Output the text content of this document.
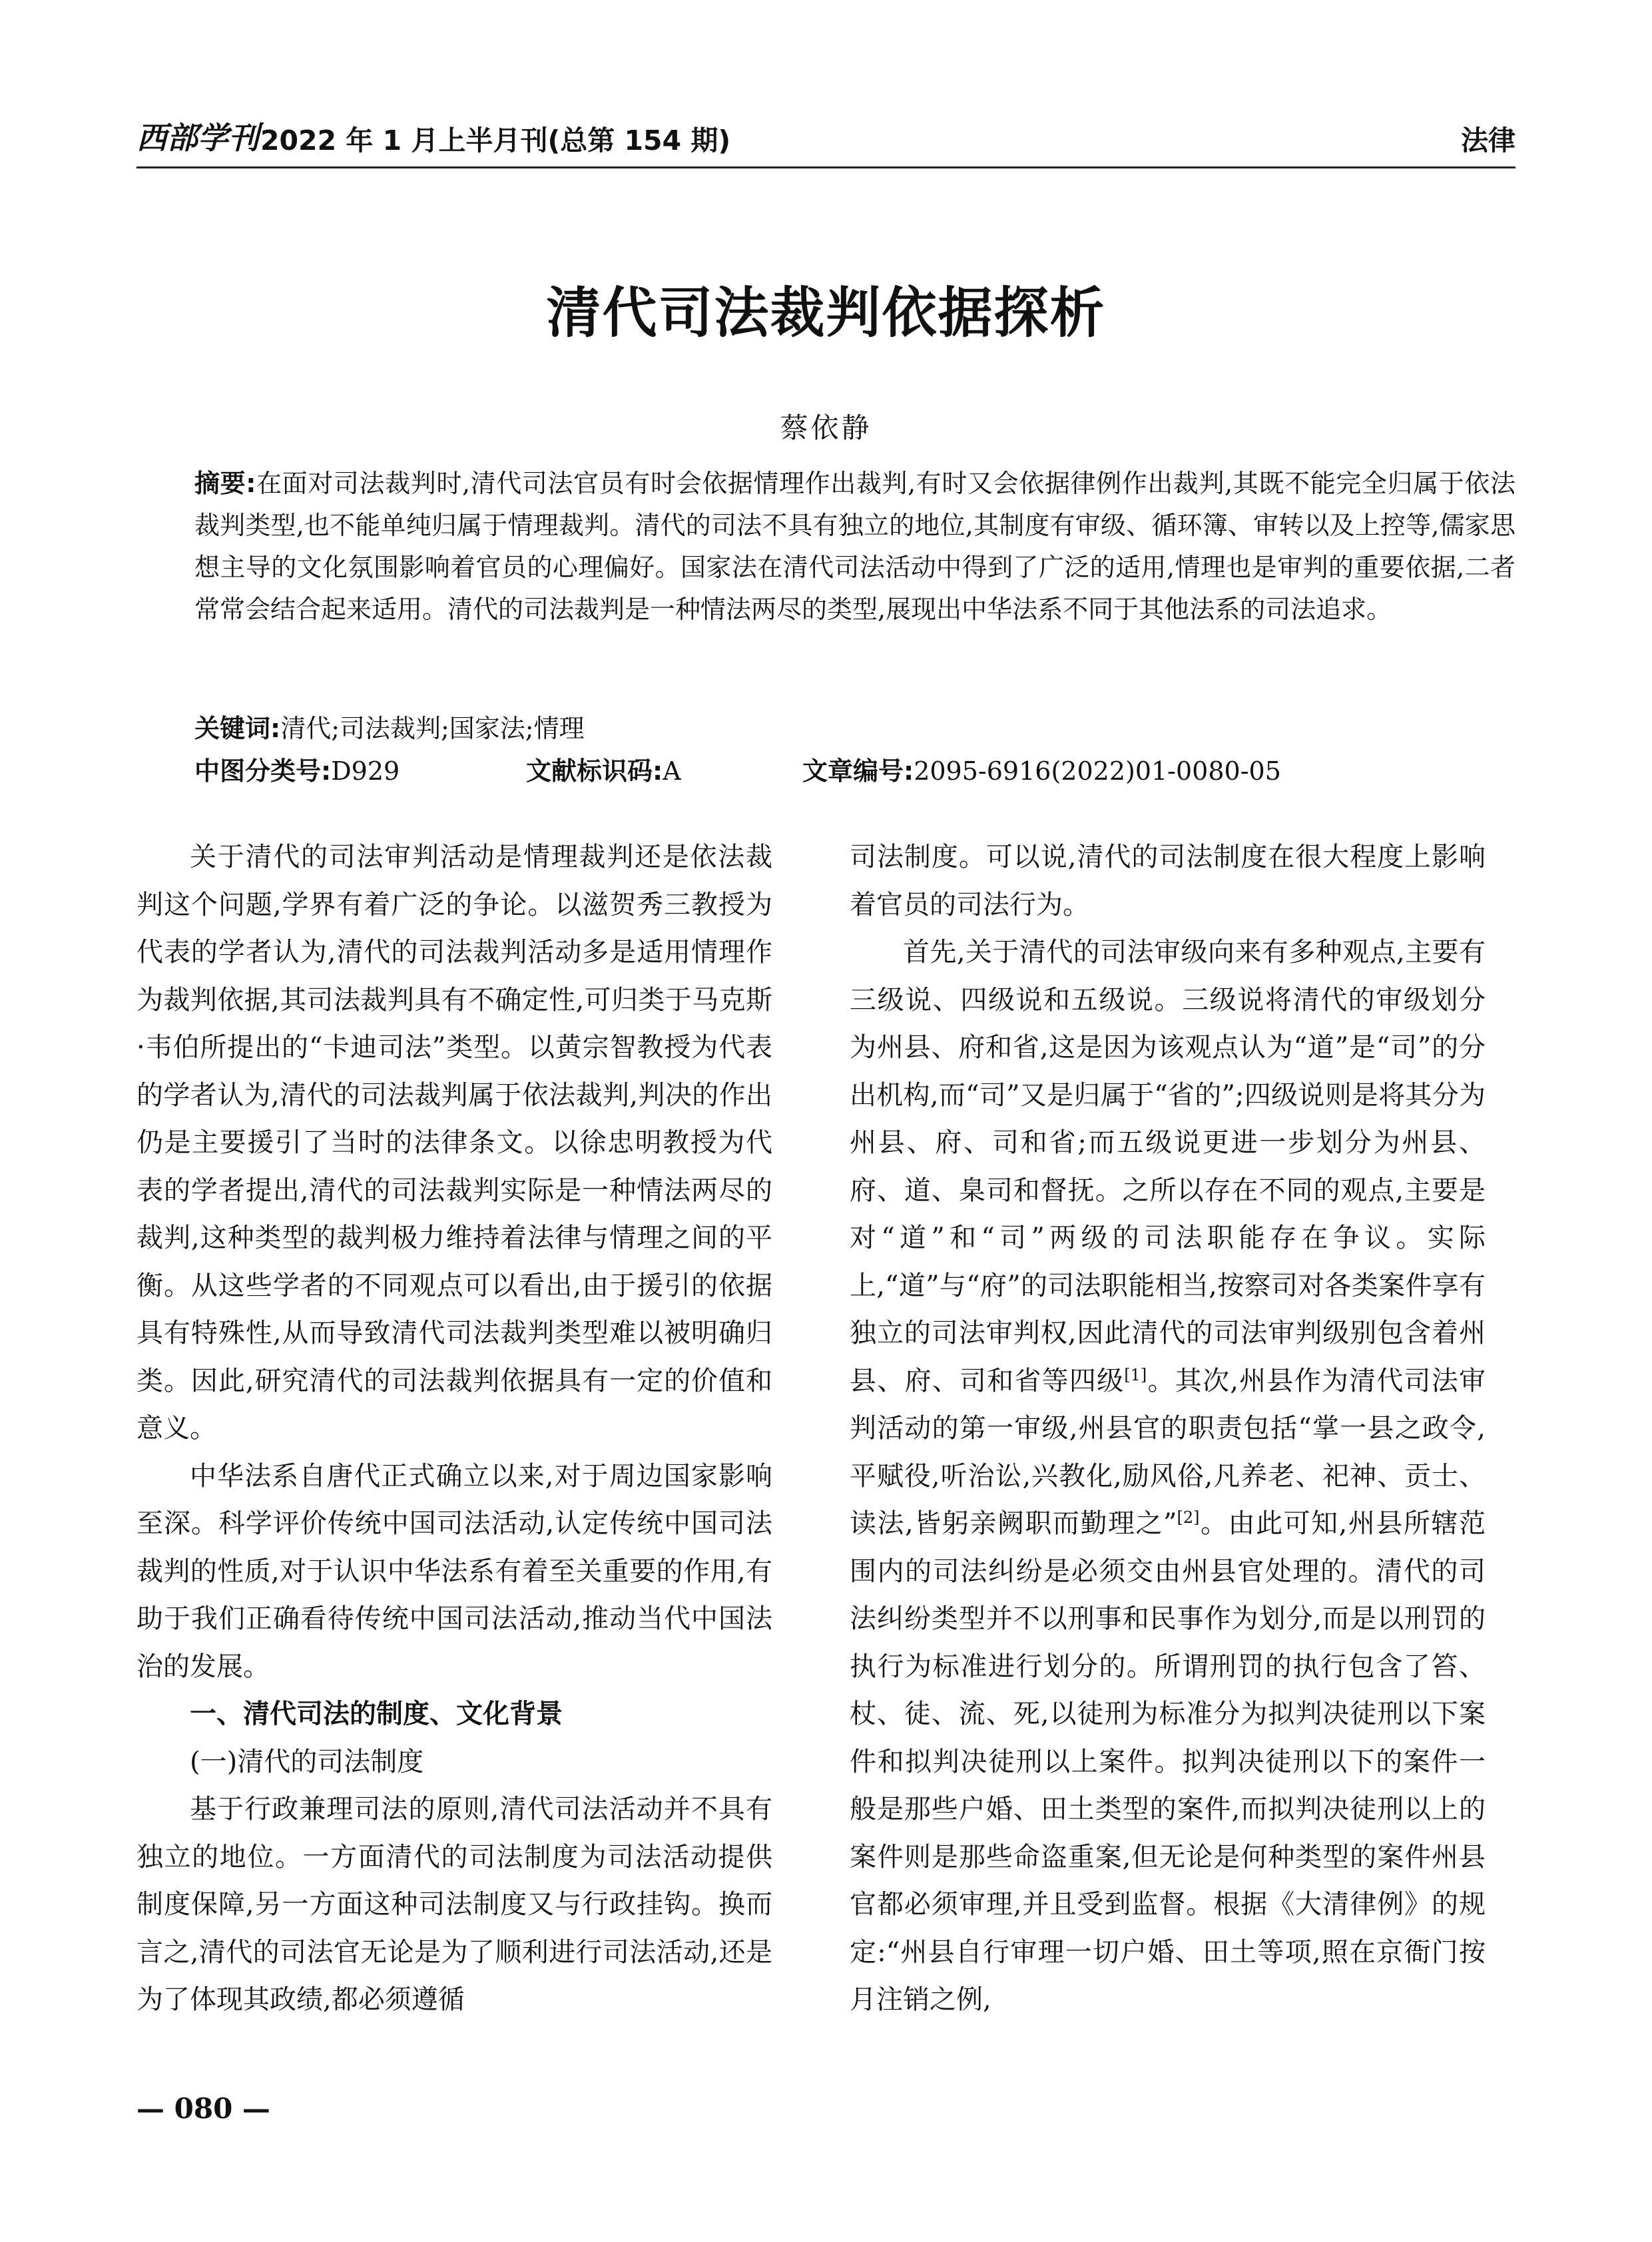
西部学刊 2022 年 1 月上半月刊(总第 154 期)	法律
清代司法裁判依据探析
蔡依静

摘要:在面对司法裁判时,清代司法官员有时会依据情理作出裁判,有时又会依据律例作出裁判,其既不能完全归属于依法裁判类型,也不能单纯归属于情理裁判。清代的司法不具有独立的地位,其制度有审级、循环簿、审转以及上控等,儒家思想主导的文化氛围影响着官员的心理偏好。国家法在清代司法活动中得到了广泛的适用,情理也是审判的重要依据,二者常常会结合起来适用。清代的司法裁判是一种情法两尽的类型,展现出中华法系不同于其他法系的司法追求。

关键词:清代;司法裁判;国家法;情理
中图分类号:D929	文献标识码:A	文章编号:2095-6916(2022)01-0080-05

关于清代的司法审判活动是情理裁判还是依法裁判这个问题,学界有着广泛的争论。以滋贺秀三教授为代表的学者认为,清代的司法裁判活动多是适用情理作为裁判依据,其司法裁判具有不确定性,可归类于马克斯·韦伯所提出的“卡迪司法”类型。以黄宗智教授为代表的学者认为,清代的司法裁判属于依法裁判,判决的作出仍是主要援引了当时的法律条文。以徐忠明教授为代表的学者提出,清代的司法裁判实际是一种情法两尽的裁判,这种类型的裁判极力维持着法律与情理之间的平衡。从这些学者的不同观点可以看出,由于援引的依据具有特殊性,从而导致清代司法裁判类型难以被明确归类。因此,研究清代的司法裁判依据具有一定的价值和意义。

中华法系自唐代正式确立以来,对于周边国家影响至深。科学评价传统中国司法活动,认定传统中国司法裁判的性质,对于认识中华法系有着至关重要的作用,有助于我们正确看待传统中国司法活动,推动当代中国法治的发展。

一、清代司法的制度、文化背景
(一)清代的司法制度

基于行政兼理司法的原则,清代司法活动并不具有独立的地位。一方面清代的司法制度为司法活动提供制度保障,另一方面这种司法制度又与行政挂钩。换而言之,清代的司法官无论是为了顺利进行司法活动,还是为了体现其政绩,都必须遵循

司法制度。可以说,清代的司法制度在很大程度上影响着官员的司法行为。

首先,关于清代的司法审级向来有多种观点,主要有三级说、四级说和五级说。三级说将清代的审级划分为州县、府和省,这是因为该观点认为“道”是“司”的分出机构,而“司”又是归属于“省的”;四级说则是将其分为州县、府、司和省;而五级说更进一步划分为州县、府、道、臬司和督抚。之所以存在不同的观点,主要是对“道”和“司”两级的司法职能存在争议。实际上,“道”与“府”的司法职能相当,按察司对各类案件享有独立的司法审判权,因此清代的司法审判级别包含着州县、府、司和省等四级[1]。其次,州县作为清代司法审判活动的第一审级,州县官的职责包括“掌一县之政令,平赋役,听治讼,兴教化,励风俗,凡养老、祀神、贡士、读法,皆躬亲阙职而勤理之”[2]。由此可知,州县所辖范围内的司法纠纷是必须交由州县官处理的。清代的司法纠纷类型并不以刑事和民事作为划分,而是以刑罚的执行为标准进行划分的。所谓刑罚的执行包含了笞、杖、徒、流、死,以徒刑为标准分为拟判决徒刑以下案件和拟判决徒刑以上案件。拟判决徒刑以下的案件一般是那些户婚、田土类型的案件,而拟判决徒刑以上的案件则是那些命盗重案,但无论是何种类型的案件州县官都必须审理,并且受到监督。根据《大清律例》的规定:“州县自行审理一切户婚、田土等项,照在京衙门按月注销之例,

— 080 —
